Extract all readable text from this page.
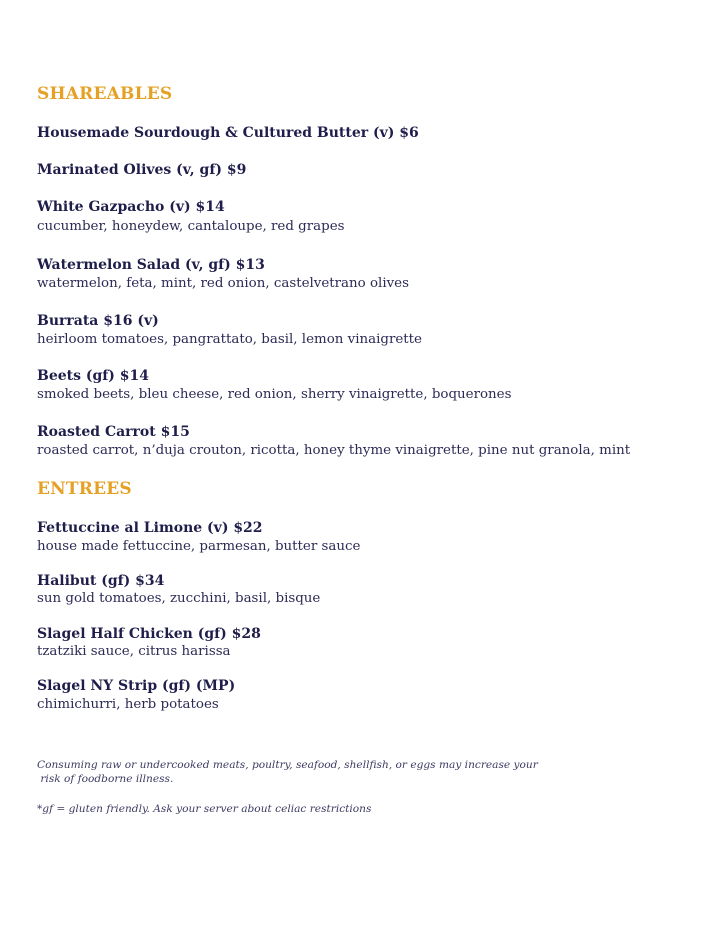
SHAREABLES
Housemade Sourdough & Cultured Butter (v) $6
Marinated Olives (v, gf) $9
White Gazpacho (v) $14
cucumber, honeydew, cantaloupe, red grapes
Watermelon Salad (v, gf) $13
watermelon, feta, mint, red onion, castelvetrano olives
Burrata $16 (v)
heirloom tomatoes, pangrattato, basil, lemon vinaigrette
Beets (gf) $14
smoked beets, bleu cheese, red onion, sherry vinaigrette, boquerones
Roasted Carrot $15
roasted carrot, n’duja crouton, ricotta, honey thyme vinaigrette, pine nut granola, mint
ENTREES
Fettuccine al Limone (v) $22
house made fettuccine, parmesan, butter sauce
Halibut (gf) $34
sun gold tomatoes, zucchini, basil, bisque
Slagel Half Chicken (gf) $28
tzatziki sauce, citrus harissa
Slagel NY Strip (gf) (MP)
chimichurri, herb potatoes
Consuming raw or undercooked meats, poultry, seafood, shellfish, or eggs may increase your
risk of foodborne illness.
*gf = gluten friendly. Ask your server about celiac restrictions
